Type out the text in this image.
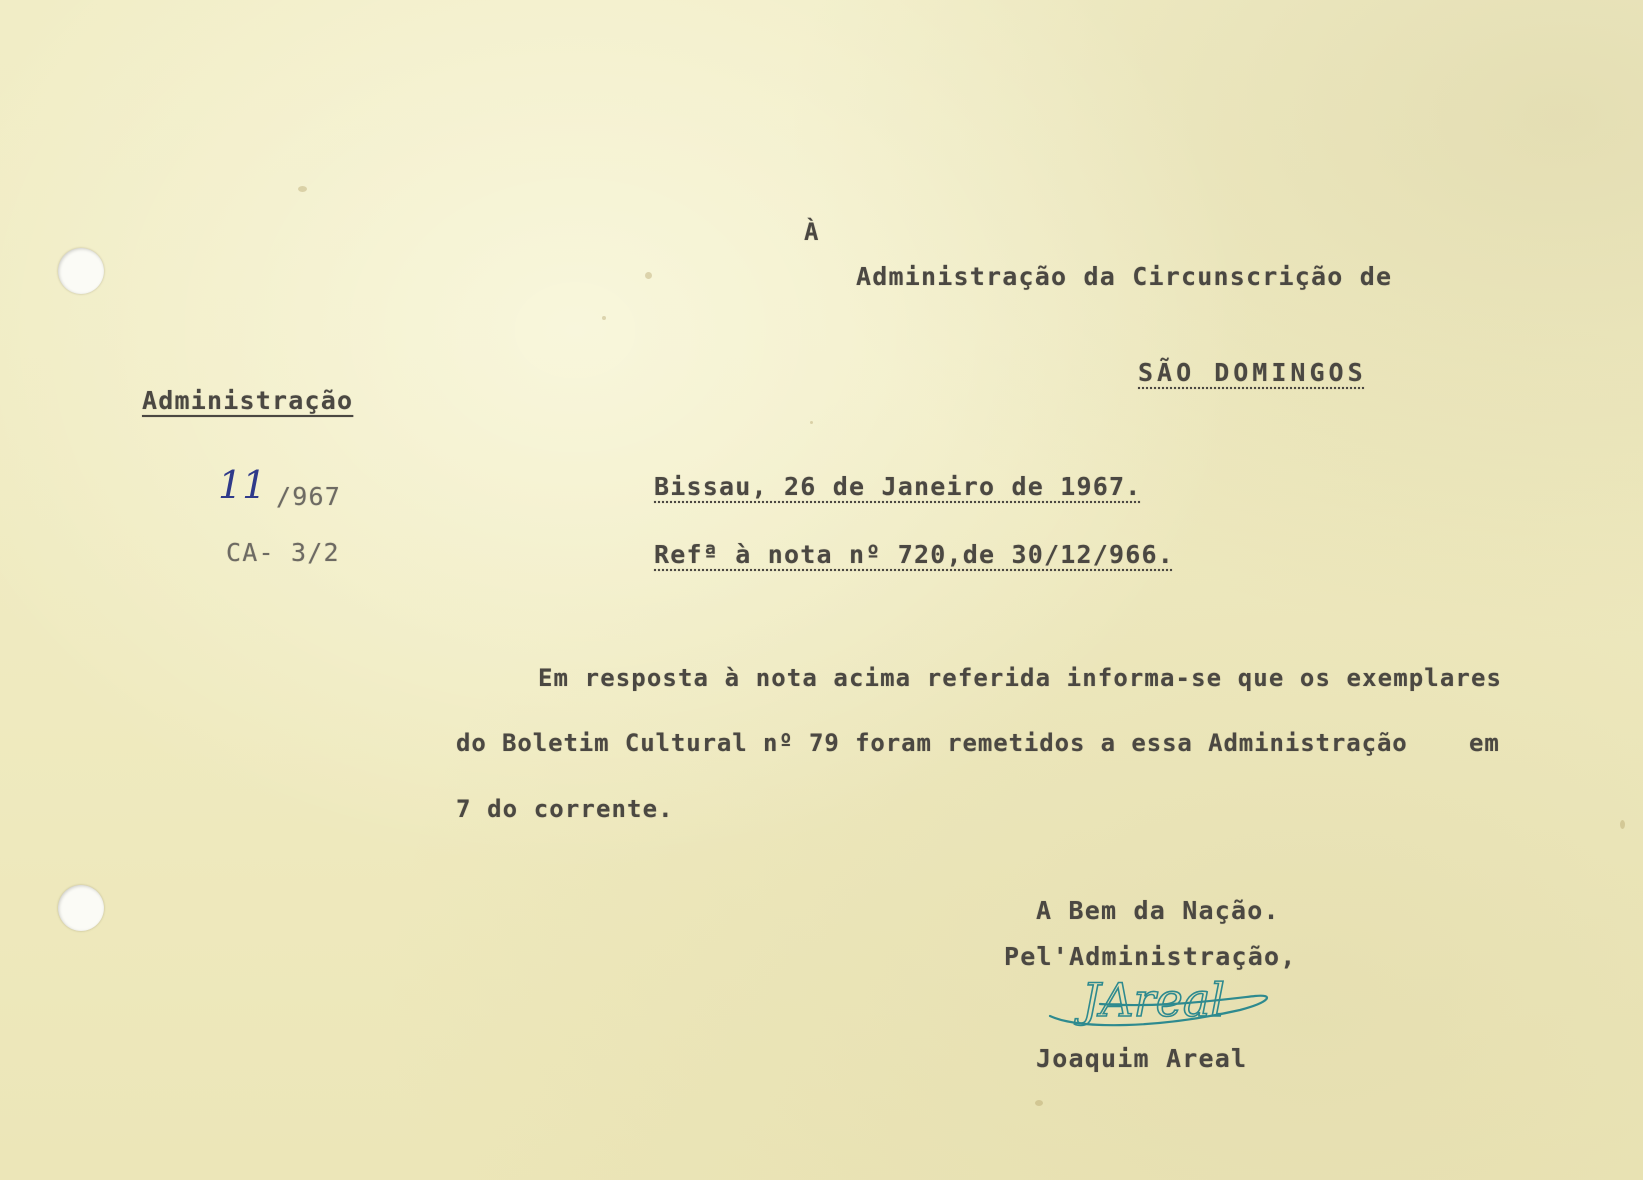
À
Administração da Circunscrição de
SÃO DOMINGOS
Administração
11 /967
CA- 3/2
Bissau, 26 de Janeiro de 1967.
Refª à nota nº 720,de 30/12/966.
Em resposta à nota acima referida informa-se que os exemplares
do Boletim Cultural nº 79 foram remetidos a essa Administração    em
7 do corrente.
A Bem da Nação.
Pel'Administração,
JAreal
Joaquim Areal
